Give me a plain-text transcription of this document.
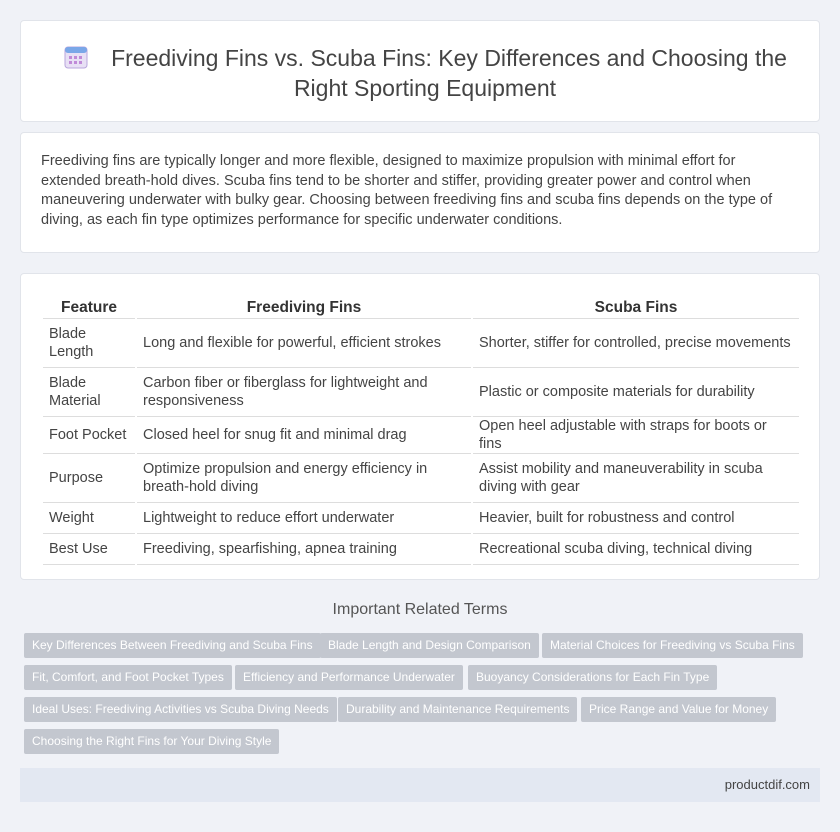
Freediving Fins vs. Scuba Fins: Key Differences and Choosing the Right Sporting Equipment

Freediving fins are typically longer and more flexible, designed to maximize propulsion with minimal effort for extended breath-hold dives. Scuba fins tend to be shorter and stiffer, providing greater power and control when maneuvering underwater with bulky gear. Choosing between freediving fins and scuba fins depends on the type of diving, as each fin type optimizes performance for specific underwater conditions.

Feature		Freediving Fins		Scuba Fins
Blade Length		Long and flexible for powerful, efficient strokes		Shorter, stiffer for controlled, precise movements
Blade Material		Carbon fiber or fiberglass for lightweight and responsiveness		Plastic or composite materials for durability
Foot Pocket		Closed heel for snug fit and minimal drag		Open heel adjustable with straps for boots or fins
Purpose		Optimize propulsion and energy efficiency in breath-hold diving		Assist mobility and maneuverability in scuba diving with gear
Weight		Lightweight to reduce effort underwater		Heavier, built for robustness and control
Best Use		Freediving, spearfishing, apnea training		Recreational scuba diving, technical diving
Important Related Terms
Key Differences Between Freediving and Scuba Fins	Blade Length and Design Comparison	Material Choices for Freediving vs Scuba Fins
Fit, Comfort, and Foot Pocket Types	Efficiency and Performance Underwater	Buoyancy Considerations for Each Fin Type
Ideal Uses: Freediving Activities vs Scuba Diving Needs	Durability and Maintenance Requirements	Price Range and Value for Money
Choosing the Right Fins for Your Diving Style
productdif.com
